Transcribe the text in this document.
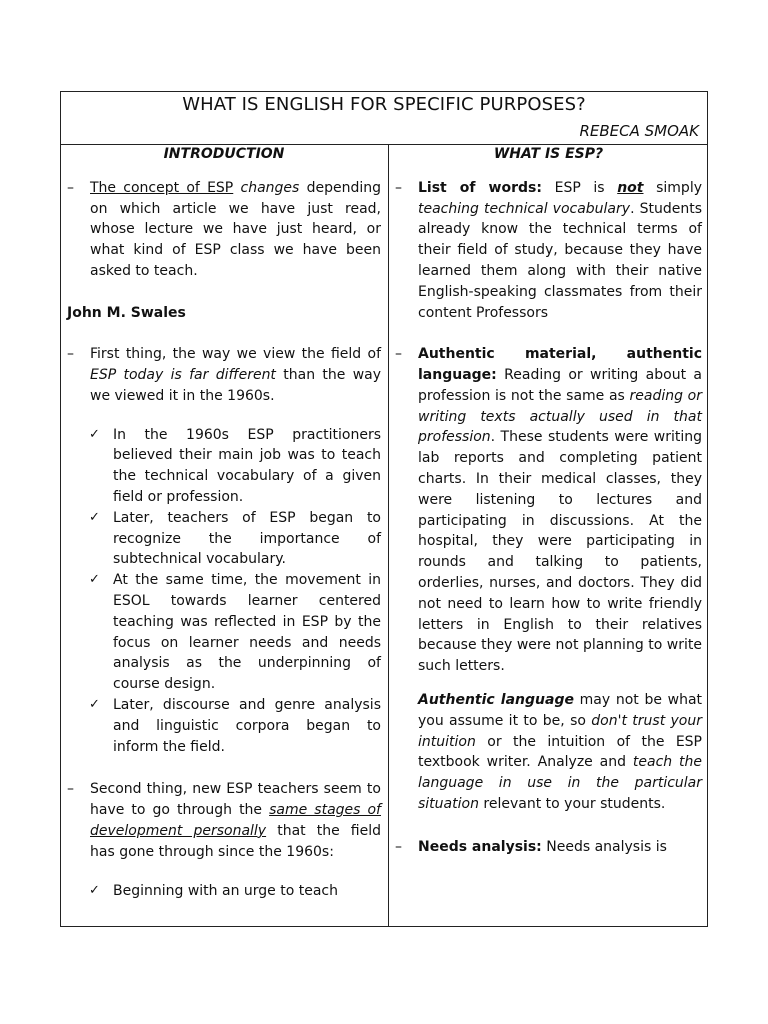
WHAT IS ENGLISH FOR SPECIFIC PURPOSES?
REBECA SMOAK
INTRODUCTION
– The concept of ESP changes depending on which article we have just read, whose lecture we have just heard, or what kind of ESP class we have been asked to teach.
John M. Swales
– First thing, the way we view the field of ESP today is far different than the way we viewed it in the 1960s.
✓ In the 1960s ESP practitioners believed their main job was to teach the technical vocabulary of a given field or profession.
✓ Later, teachers of ESP began to recognize the importance of subtechnical vocabulary.
✓ At the same time, the movement in ESOL towards learner centered teaching was reflected in ESP by the focus on learner needs and needs analysis as the underpinning of course design.
✓ Later, discourse and genre analysis and linguistic corpora began to inform the field.
– Second thing, new ESP teachers seem to have to go through the same stages of development personally that the field has gone through since the 1960s:
✓ Beginning with an urge to teach
WHAT IS ESP?
– List of words: ESP is not simply teaching technical vocabulary. Students already know the technical terms of their field of study, because they have learned them along with their native English-speaking classmates from their content Professors
– Authentic material, authentic language: Reading or writing about a profession is not the same as reading or writing texts actually used in that profession. These students were writing lab reports and completing patient charts. In their medical classes, they were listening to lectures and participating in discussions. At the hospital, they were participating in rounds and talking to patients, orderlies, nurses, and doctors. They did not need to learn how to write friendly letters in English to their relatives because they were not planning to write such letters.
Authentic language may not be what you assume it to be, so don't trust your intuition or the intuition of the ESP textbook writer. Analyze and teach the language in use in the particular situation relevant to your students.
– Needs analysis: Needs analysis is
